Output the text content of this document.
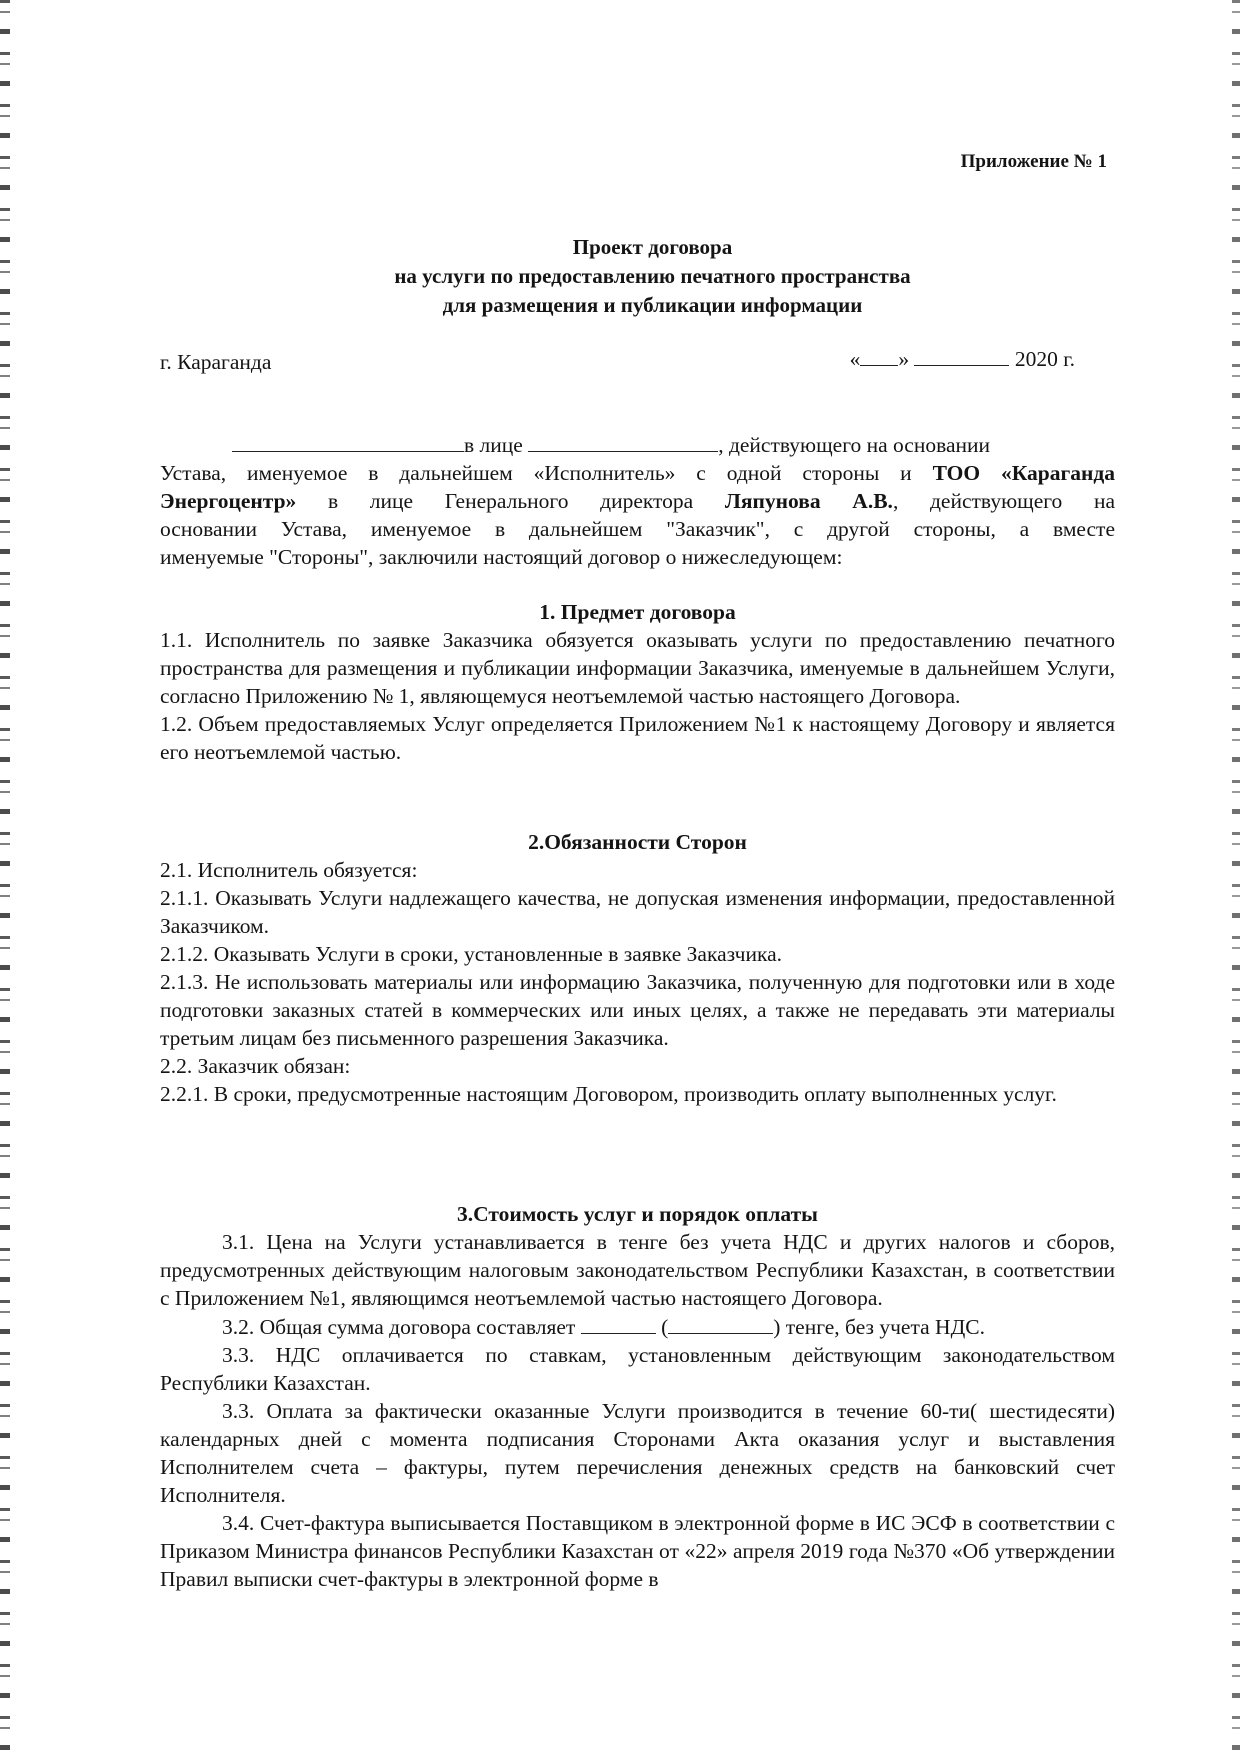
Приложение № 1
Проект договора
на услуги по предоставлению печатного пространства
для размещения и публикации информации
г. Караганда	« »	2020 г.

в лице	, действующего на основании

Устава, именуемое в дальнейшем «Исполнитель» с одной стороны и ТОО «Караганда

Энергоцентр» в лице Генерального директора Ляпунова А.В., действующего на

основании Устава, именуемое в дальнейшем "Заказчик", с другой стороны, а вместе

именуемые "Стороны", заключили настоящий договор о нижеследующем:

1. Предмет договора

1.1. Исполнитель по заявке Заказчика обязуется оказывать услуги по предоставлению печатного пространства для размещения и публикации информации Заказчика, именуемые в дальнейшем Услуги, согласно Приложению № 1, являющемуся неотъемлемой частью настоящего Договора.

1.2. Объем предоставляемых Услуг определяется Приложением №1 к настоящему Договору и является его неотъемлемой частью.

2.Обязанности Сторон

2.1. Исполнитель обязуется:

2.1.1. Оказывать Услуги надлежащего качества, не допуская изменения информации, предоставленной Заказчиком.

2.1.2. Оказывать Услуги в сроки, установленные в заявке Заказчика.

2.1.3. Не использовать материалы или информацию Заказчика, полученную для подготовки или в ходе подготовки заказных статей в коммерческих или иных целях, а также не передавать эти материалы третьим лицам без письменного разрешения Заказчика.

2.2. Заказчик обязан:

2.2.1. В сроки, предусмотренные настоящим Договором, производить оплату выполненных услуг.

3.Стоимость услуг и порядок оплаты

3.1. Цена на Услуги устанавливается в тенге без учета НДС и других налогов и сборов, предусмотренных действующим налоговым законодательством Республики Казахстан, в соответствии с Приложением №1, являющимся неотъемлемой частью настоящего Договора.

3.2. Общая сумма договора составляет	(	) тенге, без учета НДС.

3.3. НДС оплачивается по ставкам, установленным действующим законодательством Республики Казахстан.

3.3. Оплата за фактически оказанные Услуги производится в течение 60-ти( шестидесяти) календарных дней с момента подписания Сторонами Акта оказания услуг и выставления Исполнителем счета – фактуры, путем перечисления денежных средств на банковский счет Исполнителя.

3.4. Счет-фактура выписывается Поставщиком в электронной форме в ИС ЭСФ в соответствии с Приказом Министра финансов Республики Казахстан от «22» апреля 2019 года №370 «Об утверждении Правил выписки счет-фактуры в электронной форме в
